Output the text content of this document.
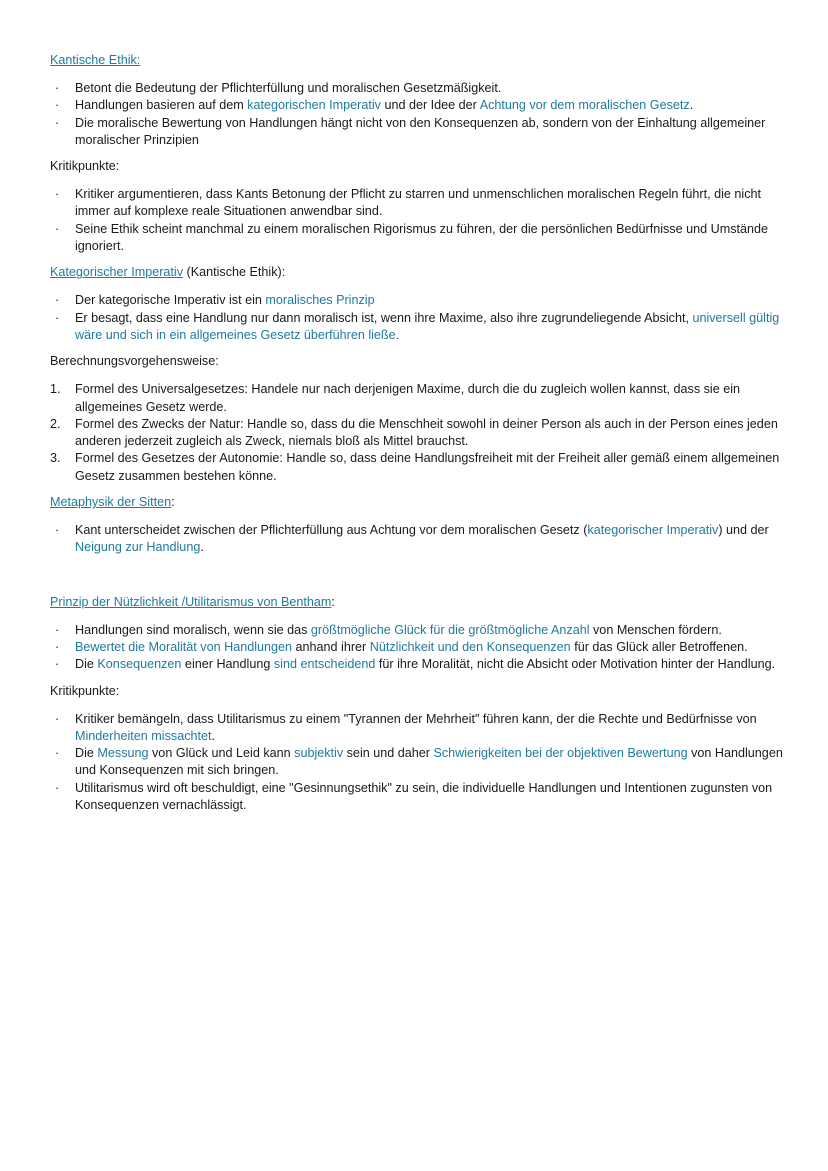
Kantische Ethik:

· Betont die Bedeutung der Pflichterfüllung und moralischen Gesetzmäßigkeit.
· Handlungen basieren auf dem kategorischen Imperativ und der Idee der Achtung vor dem moralischen Gesetz.
· Die moralische Bewertung von Handlungen hängt nicht von den Konsequenzen ab, sondern von der Einhaltung allgemeiner moralischer Prinzipien

Kritikpunkte:

· Kritiker argumentieren, dass Kants Betonung der Pflicht zu starren und unmenschlichen moralischen Regeln führt, die nicht immer auf komplexe reale Situationen anwendbar sind.
· Seine Ethik scheint manchmal zu einem moralischen Rigorismus zu führen, der die persönlichen Bedürfnisse und Umstände ignoriert.

Kategorischer Imperativ (Kantische Ethik):

· Der kategorische Imperativ ist ein moralisches Prinzip
· Er besagt, dass eine Handlung nur dann moralisch ist, wenn ihre Maxime, also ihre zugrundeliegende Absicht, universell gültig wäre und sich in ein allgemeines Gesetz überführen ließe.

Berechnungsvorgehensweise:

1. Formel des Universalgesetzes: Handele nur nach derjenigen Maxime, durch die du zugleich wollen kannst, dass sie ein allgemeines Gesetz werde.
2. Formel des Zwecks der Natur: Handle so, dass du die Menschheit sowohl in deiner Person als auch in der Person eines jeden anderen jederzeit zugleich als Zweck, niemals bloß als Mittel brauchst.
3. Formel des Gesetzes der Autonomie: Handle so, dass deine Handlungsfreiheit mit der Freiheit aller gemäß einem allgemeinen Gesetz zusammen bestehen könne.

Metaphysik der Sitten:

· Kant unterscheidet zwischen der Pflichterfüllung aus Achtung vor dem moralischen Gesetz (kategorischer Imperativ) und der Neigung zur Handlung.

Prinzip der Nützlichkeit /Utilitarismus von Bentham:

· Handlungen sind moralisch, wenn sie das größtmögliche Glück für die größtmögliche Anzahl von Menschen fördern.
· Bewertet die Moralität von Handlungen anhand ihrer Nützlichkeit und den Konsequenzen für das Glück aller Betroffenen.
· Die Konsequenzen einer Handlung sind entscheidend für ihre Moralität, nicht die Absicht oder Motivation hinter der Handlung.

Kritikpunkte:

· Kritiker bemängeln, dass Utilitarismus zu einem "Tyrannen der Mehrheit" führen kann, der die Rechte und Bedürfnisse von Minderheiten missachtet.
· Die Messung von Glück und Leid kann subjektiv sein und daher Schwierigkeiten bei der objektiven Bewertung von Handlungen und Konsequenzen mit sich bringen.
· Utilitarismus wird oft beschuldigt, eine "Gesinnungsethik" zu sein, die individuelle Handlungen und Intentionen zugunsten von Konsequenzen vernachlässigt.
